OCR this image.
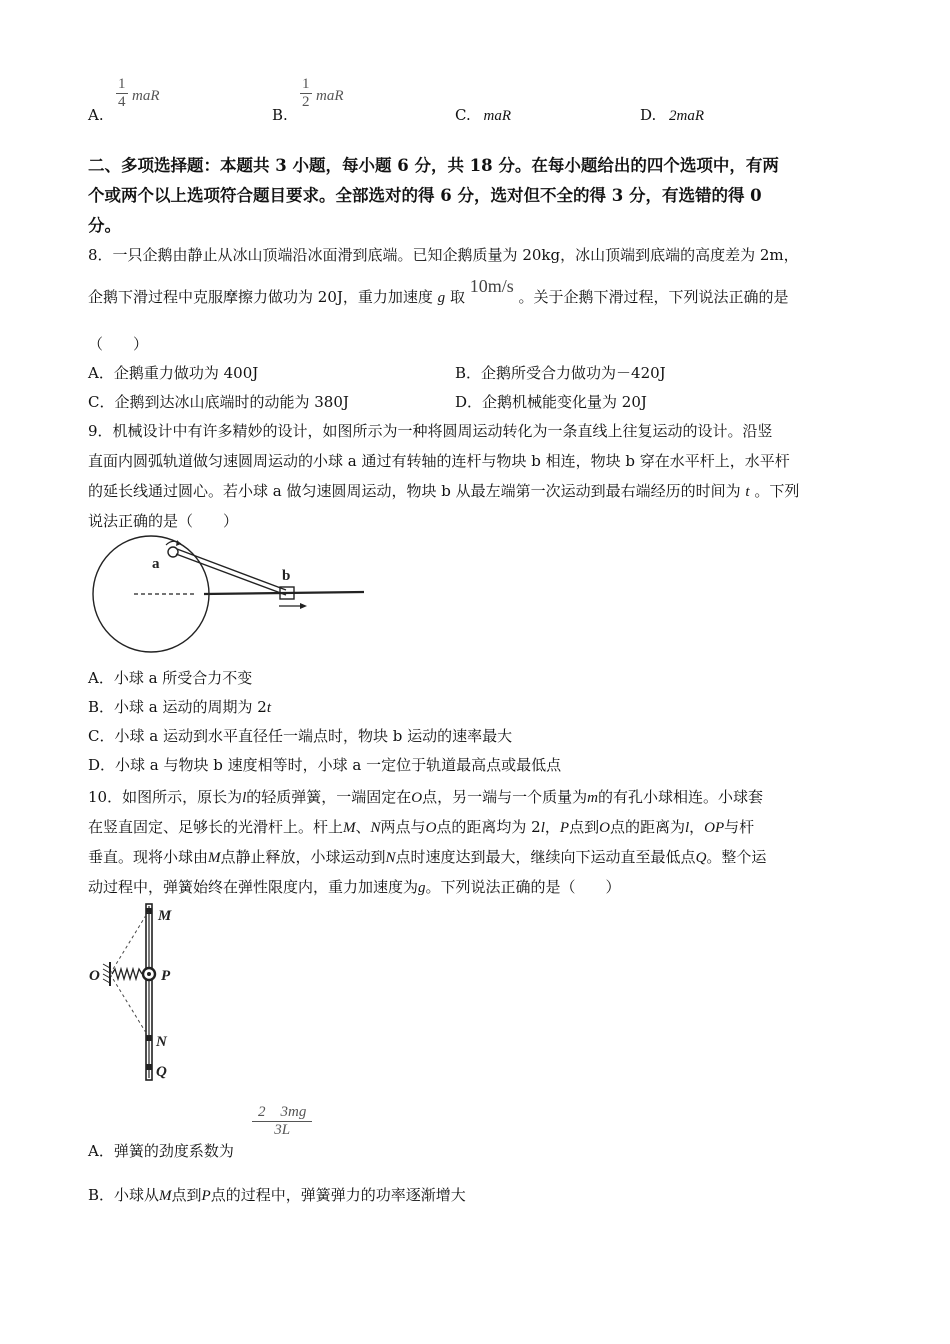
A.
1
4 maR
B.
1
2 maR
C. maR	D. 2maR
二、多项选择题：本题共 3 小题，每小题 6 分，共 18 分。在每小题给出的四个选项中，有两
个或两个以上选项符合题目要求。全部选对的得 6 分，选对但不全的得 3 分，有选错的得 0
分。
8．一只企鹅由静止从冰山顶端沿冰面滑到底端。已知企鹅质量为 20kg，冰山顶端到底端的高度差为 2m，
企鹅下滑过程中克服摩擦力做功为 20J，重力加速度 g 取 10m/s 。关于企鹅下滑过程，下列说法正确的是
（　　）
A．企鹅重力做功为 400J	B．企鹅所受合力做功为－420J
C．企鹅到达冰山底端时的动能为 380J	D．企鹅机械能变化量为 20J
9．机械设计中有许多精妙的设计，如图所示为一种将圆周运动转化为一条直线上往复运动的设计。沿竖
直面内圆弧轨道做匀速圆周运动的小球 a 通过有转轴的连杆与物块 b 相连，物块 b 穿在水平杆上，水平杆
的延长线通过圆心。若小球 a 做匀速圆周运动，物块 b 从最左端第一次运动到最右端经历的时间为 t 。下列
说法正确的是（　　）
a
b
A．小球 a 所受合力不变
B．小球 a 运动的周期为 2t
C．小球 a 运动到水平直径任一端点时，物块 b 运动的速率最大
D．小球 a 与物块 b 速度相等时，小球 a 一定位于轨道最高点或最低点
10．如图所示，原长为l的轻质弹簧，一端固定在O点，另一端与一个质量为m的有孔小球相连。小球套
在竖直固定、足够长的光滑杆上。杆上M、N两点与O点的距离均为 2l，P点到O点的距离为l，OP与杆
垂直。现将小球由M点静止释放，小球运动到N点时速度达到最大，继续向下运动直至最低点Q。整个运
动过程中，弹簧始终在弹性限度内，重力加速度为g。下列说法正确的是（　　）
M
O	P
N
Q
A．弹簧的劲度系数为
$\frac{2 3mg}{3L}$
B．小球从M点到P点的过程中，弹簧弹力的功率逐渐增大
